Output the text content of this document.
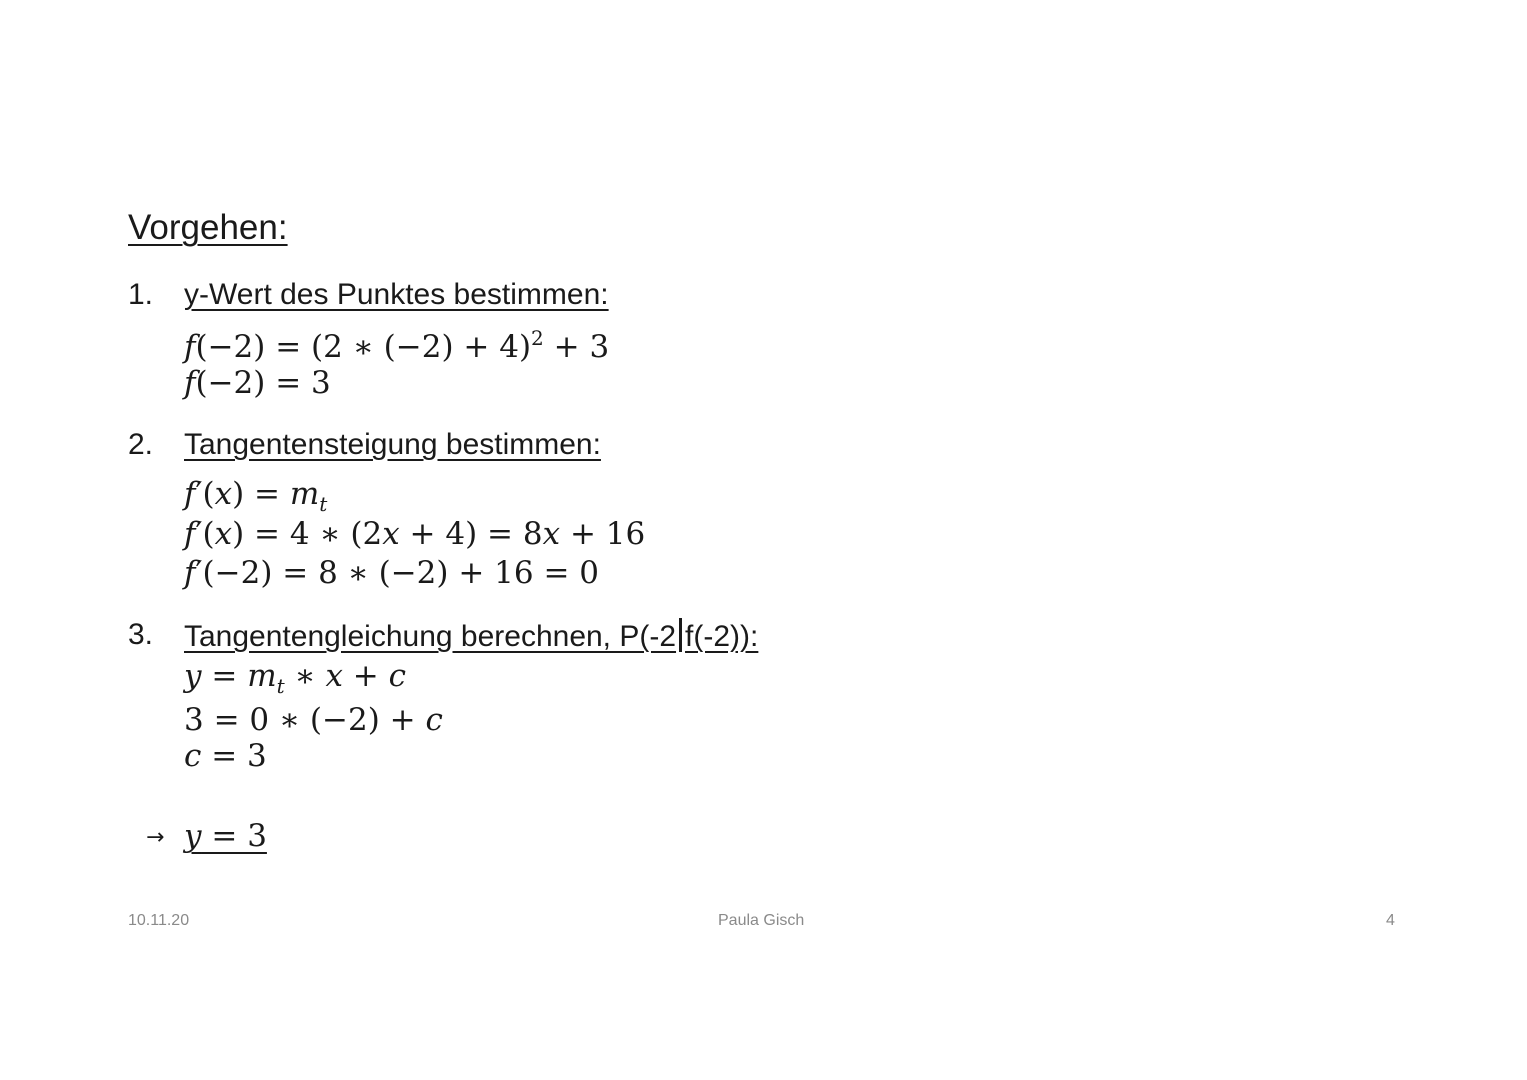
Vorgehen:
1. y-Wert des Punktes bestimmen:
f(−2) = (2 ∗ (−2) + 4)$^2$ + 3
f(−2) = 3
2. Tangentensteigung bestimmen:
$f'(x) = m_t$
f′(x) = 4 ∗ (2x + 4) = 8x + 16
f′(−2) = 8 ∗ (−2) + 16 = 0
3. Tangentengleichung berechnen, P(-2 f(-2)):
$y = m_t$ ∗ x + c
3 = 0 ∗ (−2) + c
c = 3
→ y = 3
10.11.20	Paula Gisch	4
